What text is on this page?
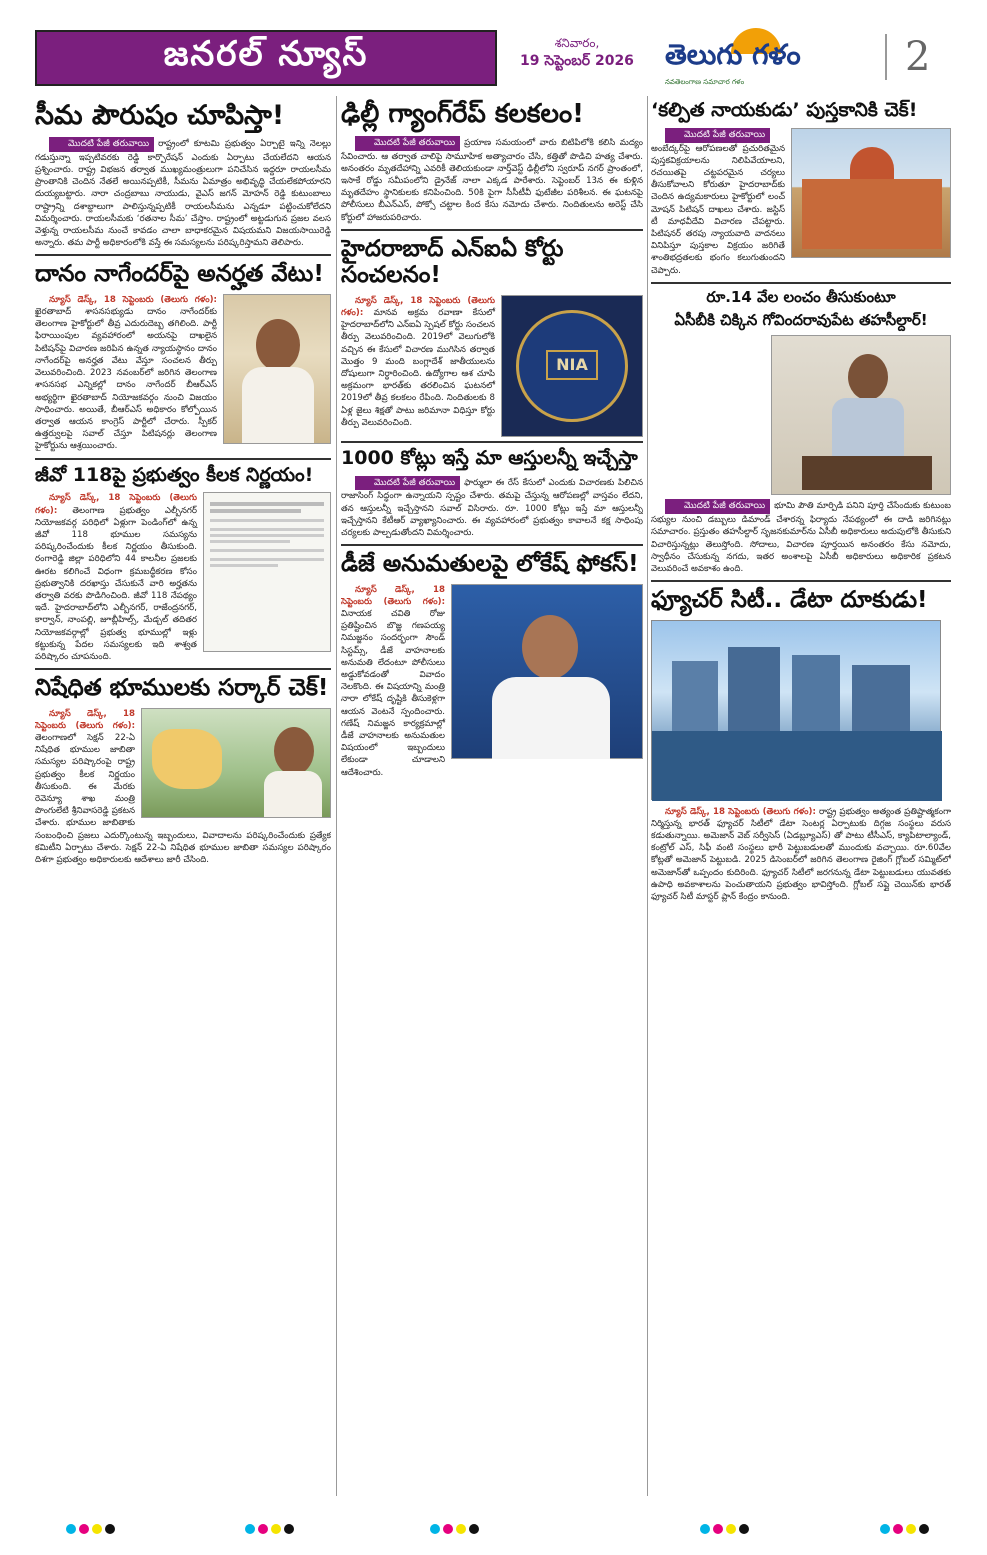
జనరల్ న్యూస్	శనివారం,
19 సెప్టెంబర్ 2026	తెలుగు గళం
నవతెలంగాణ సమాచార గళం
2
సీమ పౌరుషం చూపిస్తా!

మొదటి పేజీ తరువాయి రాష్ట్రంలో కూటమి ప్రభుత్వం ఏర్పాటై ఇన్ని నెలల్లు గడుస్తున్నా ఇప్పటివరకు రెడ్డి కార్పొరేషన్ ఎందుకు ఏర్పాటు చేయలేదని ఆయన ప్రశ్నించారు. రాష్ట్ర విభజన తర్వాత ముఖ్యమంత్రులుగా పనిచేసిన ఇద్దరూ రాయలసీమ ప్రాంతానికి చెందిన నేతలే అయినప్పటికీ, సీమను ఏమాత్రం అభివృద్ధి చేయలేకపోయారని దుయ్యబట్టారు. నారా చంద్రబాబు నాయుడు, వైఎస్ జగన్ మోహన్ రెడ్డి కుటుంబాలు రాష్ట్రాన్ని దశాబ్దాలుగా పాలిస్తున్నప్పటికీ రాయలసీమను ఎన్నడూ పట్టించుకోలేదని విమర్శించారు. రాయలసీమకు ‘రతనాల సీమ’ చేస్తాం. రాష్ట్రంలో అట్టడుగున ప్రజల వలస వెళ్తున్న రాయలసీమ నుంచే కావడం చాలా బాధాకరమైన విషయమని విజయసాయిరెడ్డి అన్నారు. తమ పార్టీ అధికారంలోకి వస్తే ఈ సమస్యలను పరిష్కరిస్తామని తెలిపారు.

దానం నాగేందర్‌పై అనర్హత వేటు!

న్యూస్ డెస్క్, 18 సెప్టెంబరు (తెలుగు గళం): ఖైరతాబాద్ శాసనసభ్యుడు దానం నాగేందర్‌కు తెలంగాణ హైకోర్టులో తీవ్ర ఎదురుదెబ్బ తగిలింది. పార్టీ ఫిరాయింపుల వ్యవహారంలో అయనపై దాఖలైన పిటిషన్‌పై విచారణ జరిపిన ఉన్నత న్యాయస్థానం దానం నాగేందర్‌పై అనర్హత వేటు వేస్తూ సంచలన తీర్పు వెలువరించింది. 2023 నవంబర్‌లో జరిగిన తెలంగాణ శాసనసభ ఎన్నికల్లో దానం నాగేందర్ బీఆర్ఎస్ అభ్యర్థిగా ఖైరతాబాద్ నియోజకవర్గం నుంచి విజయం సాధించారు. అయితే, బీఆర్ఎస్ అధికారం కోల్పోయిన తర్వాత ఆయన కాంగ్రెస్ పార్టీలో చేరారు. స్పీకర్ ఉత్తర్వులపై సవాల్ చేస్తూ పిటిషనర్లు తెలంగాణ హైకోర్టును ఆశ్రయించారు.

జీవో 118పై ప్రభుత్వం కీలక నిర్ణయం!

న్యూస్ డెస్క్, 18 సెప్టెంబరు (తెలుగు గళం): తెలంగాణ ప్రభుత్వం ఎల్బీనగర్ నియోజకవర్గ పరిధిలో ఏళ్లుగా పెండింగ్‌లో ఉన్న జీవో 118 భూముల సమస్యను పరిష్కరించేందుకు కీలక నిర్ణయం తీసుకుంది. రంగారెడ్డి జిల్లా పరిధిలోని 44 కాలనీల ప్రజలకు ఊరట కలిగించే విధంగా క్రమబద్ధీకరణ కోసం ప్రభుత్వానికి దరఖాస్తు చేసుకునే వారి అర్హతను తర్వాతి వరకు పొడిగించింది. జీవో 118 నేపథ్యం ఇదే. హైదరాబాద్‌లోని ఎల్బీనగర్, రాజేంద్రనగర్, కార్వాన్, నాంపల్లి, జూబ్లీహిల్స్, మేడ్చల్ తదితర నియోజకవర్గాల్లో ప్రభుత్వ భూముల్లో ఇళ్లు కట్టుకున్న పేదల సమస్యలకు ఇది శాశ్వత పరిష్కారం చూపనుంది.

నిషేధిత భూములకు సర్కార్ చెక్!

న్యూస్ డెస్క్, 18 సెప్టెంబరు (తెలుగు గళం): తెలంగాణలో సెక్షన్ 22-ఏ నిషేధిత భూముల జాబితా సమస్యల పరిష్కారంపై రాష్ట్ర ప్రభుత్వం కీలక నిర్ణయం తీసుకుంది. ఈ మేరకు రెవెన్యూ శాఖ మంత్రి పొంగులేటి శ్రీనివాసరెడ్డి ప్రకటన చేశారు. భూముల జాబితాకు సంబంధించి ప్రజలు ఎదుర్కొంటున్న ఇబ్బందులు, వివాదాలను పరిష్కరించేందుకు ప్రత్యేక కమిటీని ఏర్పాటు చేశారు. సెక్షన్ 22-ఏ నిషేధిత భూముల జాబితా సమస్యల పరిష్కారం దిశగా ప్రభుత్వం అధికారులకు ఆదేశాలు జారీ చేసింది.

ఢిల్లీ గ్యాంగ్‌రేప్ కలకలం!

మొదటి పేజీ తరువాయి ప్రయాణ సమయంలో వారు బిటిపిలోకి కలిసి మద్యం సేవించారు. ఆ తర్వాత చాలి‌పై సామూహిక అత్యాచారం చేసి, కత్తితో పొడిచి హత్య చేశారు. అనంతరం మృతదేహాన్ని ఎవరికీ తెలియకుండా నార్త్‌వెస్ట్ ఢిల్లీలోని స్వరూప్ నగర్ ప్రాంతంలో, ఇసాకే రోడ్డు సమీపంలోని డ్రైనేజ్ నాలా ఎక్కడ పారేశారు. సెప్టెంబర్ 13న ఈ కుళ్లిన మృతదేహం స్థానికులకు కనిపించింది. 50కి పైగా సీసీటీవీ ఫుటేజీల పరిశీలన. ఈ ఘటనపై పోలీసులు బీఎన్ఎస్, పోక్సో చట్టాల కింద కేసు నమోదు చేశారు. నిందితులను అరెస్ట్ చేసి కోర్టులో హాజరుపరిచారు.

హైదరాబాద్ ఎన్ఐఏ కోర్టు సంచలనం!
NIA

న్యూస్ డెస్క్, 18 సెప్టెంబరు (తెలుగు గళం): మానవ అక్రమ రవాణా కేసులో హైదరాబాద్‌లోని ఎన్ఐఏ స్పెషల్ కోర్టు సంచలన తీర్పు వెలువరించింది. 2019లో వెలుగులోకి వచ్చిన ఈ కేసులో విచారణ ముగిసిన తర్వాత మొత్తం 9 మంది బంగ్లాదేశ్ జాతీయులను దోషులుగా నిర్ధారించింది. ఉద్యోగాల ఆశ చూపి అక్రమంగా భారత్‌కు తరలించిన ఘటనలో 2019లో తీవ్ర కలకలం రేపింది. నిందితులకు 8 ఏళ్ల జైలు శిక్షతో పాటు జరిమానా విధిస్తూ కోర్టు తీర్పు వెలువరించింది.

1000 కోట్లు ఇస్తే మా ఆస్తులన్నీ ఇచ్చేస్తా

మొదటి పేజీ తరువాయి ఫార్ములా ఈ రేస్ కేసులో ఎందుకు విచారణకు పిలిచిన రాజాసింగ్ సిద్ధంగా ఉన్నాయని స్పష్టం చేశారు. తమపై చేస్తున్న ఆరోపణల్లో వాస్తవం లేదని, తన ఆస్తులన్నీ ఇచ్చేస్తానని సవాల్ విసిరారు. రూ. 1000 కోట్లు ఇస్తే మా ఆస్తులన్నీ ఇచ్చేస్తానని కేటీఆర్ వ్యాఖ్యానించారు. ఈ వ్యవహారంలో ప్రభుత్వం కావాలనే కక్ష సాధింపు చర్యలకు పాల్పడుతోందని విమర్శించారు.

డీజే అనుమతులపై లోకేష్ ఫోకస్!

న్యూస్ డెస్క్, 18 సెప్టెంబరు (తెలుగు గళం): వినాయక చవితి రోజు ప్రతిష్టించిన బొజ్జ గణపయ్య నిమజ్జనం సందర్భంగా సౌండ్ సిస్టమ్స్, డీజే వాహనాలకు అనుమతి లేదంటూ పోలీసులు అడ్డుకోవడంతో వివాదం నెలకొంది. ఈ విషయాన్ని మంత్రి నారా లోకేష్ దృష్టికి తీసుకెళ్లగా ఆయన వెంటనే స్పందించారు. గణేష్ నిమజ్జన కార్యక్రమాల్లో డీజే వాహనాలకు అనుమతుల విషయంలో ఇబ్బందులు లేకుండా చూడాలని ఆదేశించారు.

‘కల్పిత నాయకుడు’ పుస్తకానికి చెక్!

మొదటి పేజీ తరువాయిఅంబేద్కర్‌పై ఆరోపణలతో ప్రచురితమైన పుస్తకవిక్రయాలను నిలిపివేయాలని, రచయితపై చట్టపరమైన చర్యలు తీసుకోవాలని కోరుతూ హైదరాబాద్‌కు చెందిన ఉద్యమకారులు హైకోర్టులో లంచ్ మోషన్ పిటిషన్ దాఖలు చేశారు. జస్టిస్ టీ మాధవీదేవి విచారణ చేపట్టారు. పిటిషనర్ తరపు న్యాయవాది వాదనలు వినిపిస్తూ పుస్తకాల విక్రయం జరిగితే శాంతిభద్రతలకు భంగం కలుగుతుందని చెప్పారు.

రూ.14 వేల లంచం తీసుకుంటూ
ఏసీబీకి చిక్కిన గోవిందరావుపేట తహసీల్దార్!

మొదటి పేజీ తరువాయి భూమి పౌతి మార్పిడి పనిని పూర్తి చేసేందుకు కుటుంబ సభ్యుల నుంచి డబ్బులు డిమాండ్ చేశారన్న ఫిర్యాదు నేపథ్యంలో ఈ దాడి జరిగినట్లు సమాచారం. ప్రస్తుతం తహసీల్దార్ సృజనకుమార్‌ను ఏసీబీ అధికారులు అదుపులోకి తీసుకుని విచారిస్తున్నట్లు తెలుస్తోంది. సోదాలు, విచారణ పూర్తయిన అనంతరం కేసు నమోదు, స్వాధీనం చేసుకున్న నగదు, ఇతర అంశాలపై ఏసీబీ అధికారులు అధికారిక ప్రకటన వెలువరించే అవకాశం ఉంది.

ఫ్యూచర్ సిటీ.. డేటా దూకుడు!

న్యూస్ డెస్క్, 18 సెప్టెంబరు (తెలుగు గళం): రాష్ట్ర ప్రభుత్వం అత్యంత ప్రతిష్టాత్మకంగా నిర్మిస్తున్న భారత్ ఫ్యూచర్ సిటీలో డేటా సెంటర్ల ఏర్పాటుకు దిగ్గజ సంస్థలు వరుస కడుతున్నాయి. అమెజాన్ వెబ్ సర్వీసెస్ (ఏడబ్ల్యూఎస్) తో పాటు టీసీఎస్, క్యాపిటాల్యాండ్, కంట్రోల్ ఎస్, సిఫీ వంటి సంస్థలు భారీ పెట్టుబడులతో ముందుకు వచ్చాయి. రూ.60వేల కోట్లతో అమెజాన్ పెట్టుబడి. 2025 డిసెంబర్‌లో జరిగిన తెలంగాణ రైజింగ్ గ్లోబల్ సమ్మిట్‌లో అమెజాన్‌తో ఒప్పందం కుదిరింది. ఫ్యూచర్ సిటీలో జరగనున్న డేటా పెట్టుబడులు యువతకు ఉపాధి అవకాశాలను పెంచుతాయని ప్రభుత్వం భావిస్తోంది. గ్లోబల్ సప్లై చెయిన్‌కు భారత్ ఫ్యూచర్ సిటీ మాస్టర్ ప్లాన్ కేంద్రం కానుంది.
